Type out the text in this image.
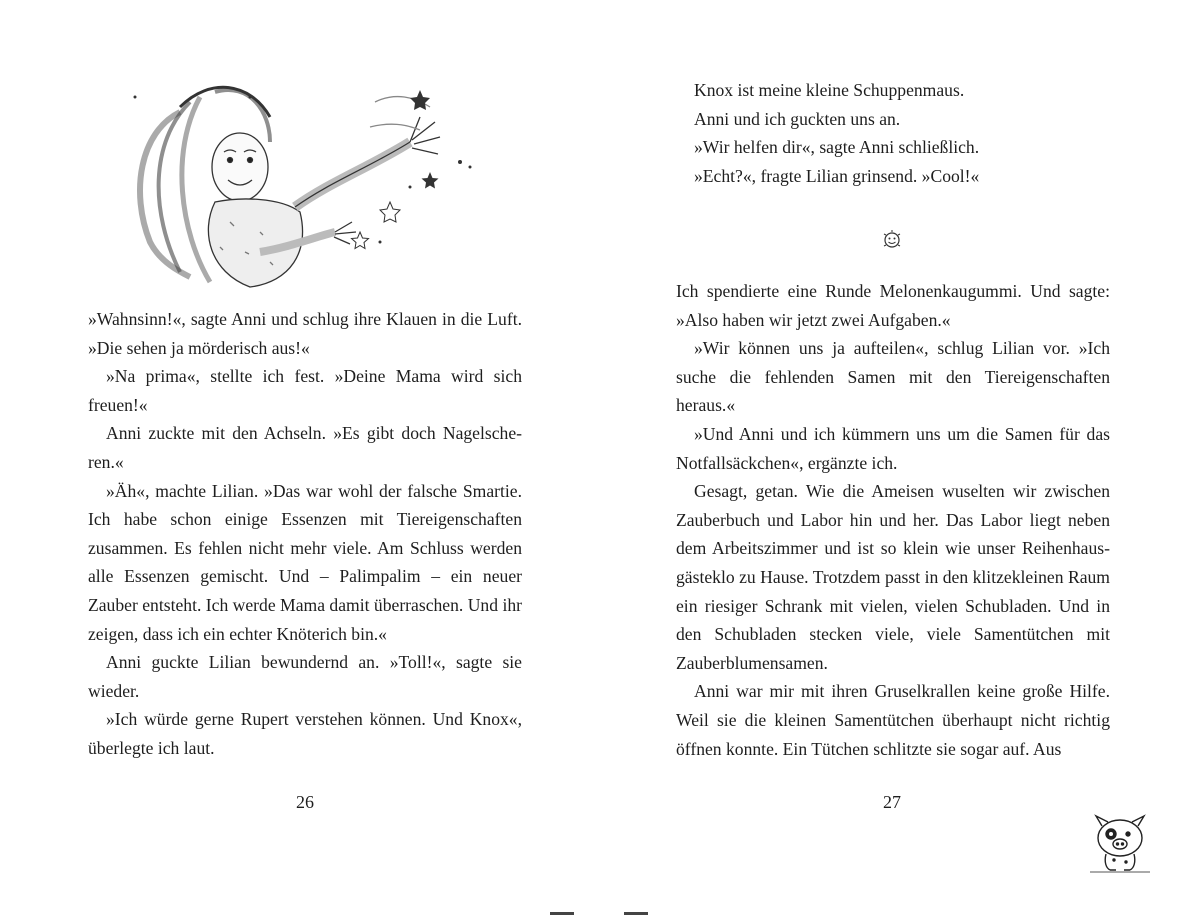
»Wahnsinn!«, sagte Anni und schlug ihre Klauen in die Luft. »Die sehen ja mörderisch aus!«

»Na prima«, stellte ich fest. »Deine Mama wird sich freuen!«

Anni zuckte mit den Achseln. »Es gibt doch Nagelscheren.«

»Äh«, machte Lilian. »Das war wohl der falsche Smartie. Ich habe schon einige Essenzen mit Tiereigenschaften zusammen. Es fehlen nicht mehr viele. Am Schluss werden alle Essenzen gemischt. Und – Palimpalim – ein neuer Zauber entsteht. Ich werde Mama damit überraschen. Und ihr zeigen, dass ich ein echter Knöterich bin.«

Anni guckte Lilian bewundernd an. »Toll!«, sagte sie wieder.

»Ich würde gerne Rupert verstehen können. Und Knox«, überlegte ich laut.

26

Knox ist meine kleine Schuppenmaus.

Anni und ich guckten uns an.

»Wir helfen dir«, sagte Anni schließlich.

»Echt?«, fragte Lilian grinsend. »Cool!«

Ich spendierte eine Runde Melonenkaugummi. Und sagte: »Also haben wir jetzt zwei Aufgaben.«

»Wir können uns ja aufteilen«, schlug Lilian vor. »Ich suche die fehlenden Samen mit den Tiereigenschaften heraus.«

»Und Anni und ich kümmern uns um die Samen für das Notfallsäckchen«, ergänzte ich.

Gesagt, getan. Wie die Ameisen wuselten wir zwischen Zauberbuch und Labor hin und her. Das Labor liegt neben dem Arbeitszimmer und ist so klein wie unser Reihenhausgästeklo zu Hause. Trotzdem passt in den klitzekleinen Raum ein riesiger Schrank mit vielen, vielen Schubladen. Und in den Schubladen stecken viele, viele Samentütchen mit Zauberblumensamen.

Anni war mir mit ihren Gruselkrallen keine große Hilfe. Weil sie die kleinen Samentütchen überhaupt nicht richtig öffnen konnte. Ein Tütchen schlitzte sie sogar auf. Aus

27
